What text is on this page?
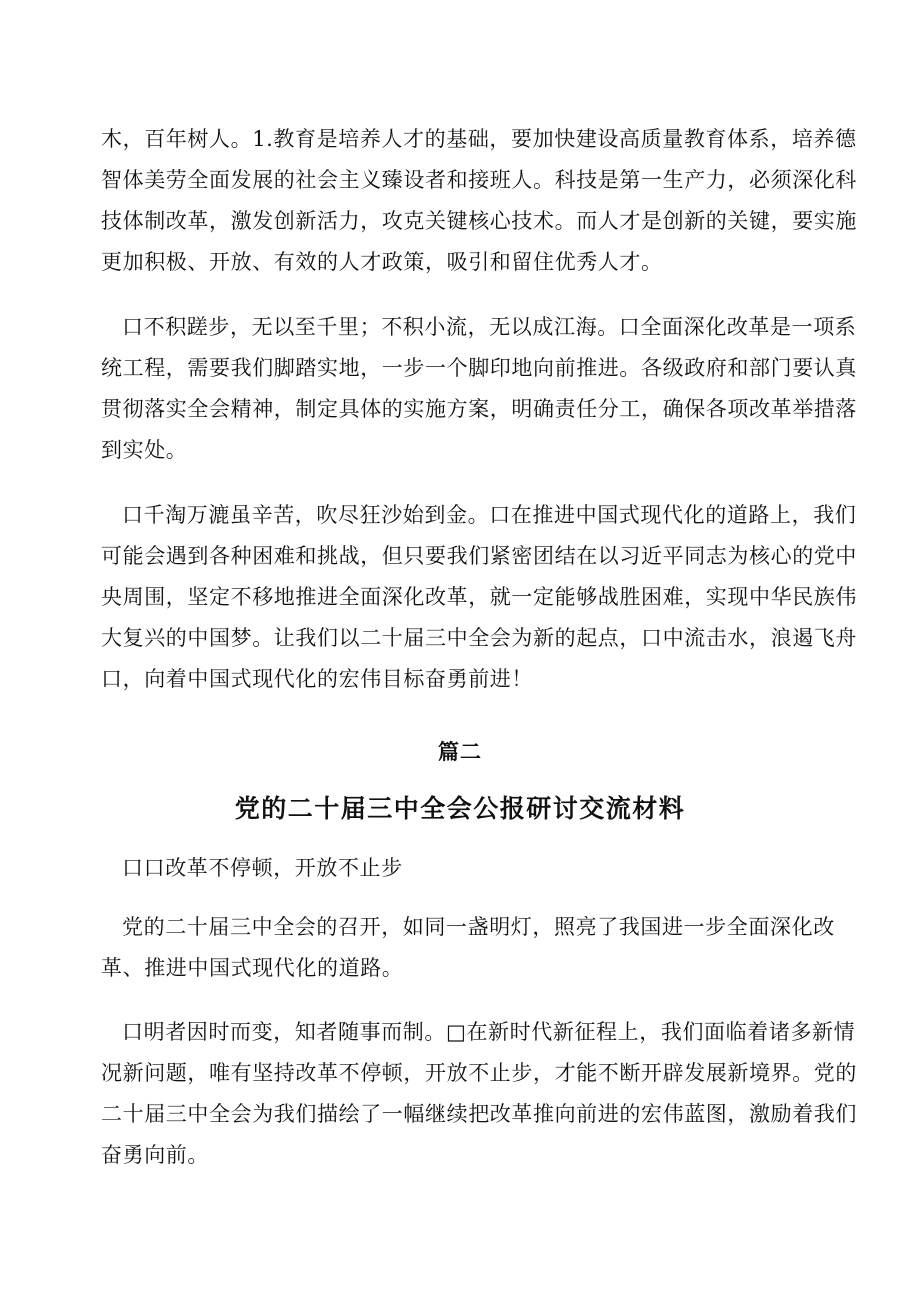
木，百年树人。1.教育是培养人才的基础，要加快建设高质量教育体系，培养德智体美劳全面发展的社会主义臻设者和接班人。科技是第一生产力，必须深化科技体制改革，激发创新活力，攻克关键核心技术。而人才是创新的关键，要实施更加积极、开放、有效的人才政策，吸引和留住优秀人才。

口不积蹉步，无以至千里；不积小流，无以成江海。口全面深化改革是一项系统工程，需要我们脚踏实地，一步一个脚印地向前推进。各级政府和部门要认真贯彻落实全会精神，制定具体的实施方案，明确责任分工，确保各项改革举措落到实处。

口千淘万漉虽辛苦，吹尽狂沙始到金。口在推进中国式现代化的道路上，我们可能会遇到各种困难和挑战，但只要我们紧密团结在以习近平同志为核心的党中央周围，坚定不移地推进全面深化改革，就一定能够战胜困难，实现中华民族伟大复兴的中国梦。让我们以二十届三中全会为新的起点，口中流击水，浪遏飞舟口，向着中国式现代化的宏伟目标奋勇前进！

篇二
党的二十届三中全会公报研讨交流材料

口口改革不停顿，开放不止步

党的二十届三中全会的召开，如同一盏明灯，照亮了我国进一步全面深化改革、推进中国式现代化的道路。

口明者因时而变，知者随事而制。□在新时代新征程上，我们面临着诸多新情况新问题，唯有坚持改革不停顿，开放不止步，才能不断开辟发展新境界。党的二十届三中全会为我们描绘了一幅继续把改革推向前进的宏伟蓝图，激励着我们奋勇向前。
